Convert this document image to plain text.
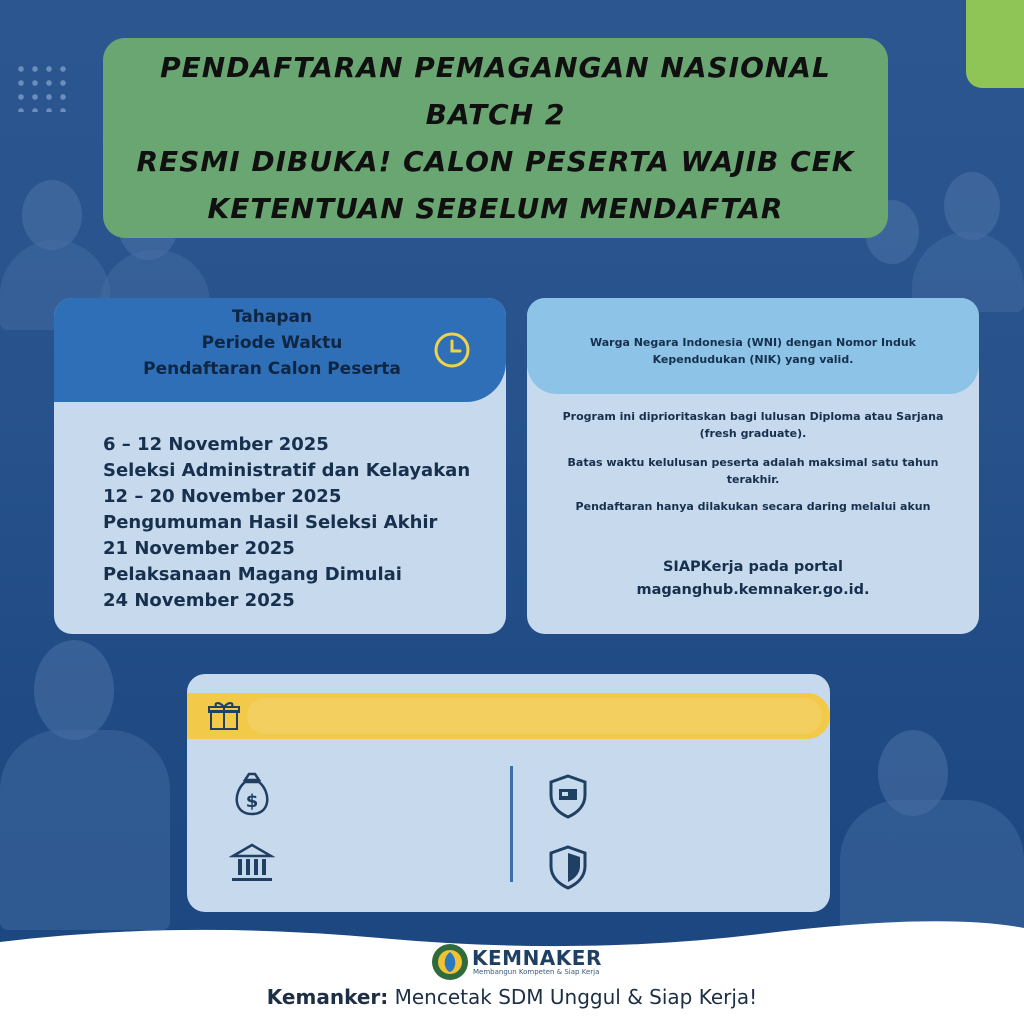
PENDAFTARAN PEMAGANGAN NASIONAL BATCH 2
RESMI DIBUKA! CALON PESERTA WAJIB CEK
KETENTUAN SEBELUM MENDAFTAR
Tahapan
Periode Waktu
Pendaftaran Calon Peserta
6 – 12 November 2025
Seleksi Administratif dan Kelayakan
12 – 20 November 2025
Pengumuman Hasil Seleksi Akhir
21 November 2025
Pelaksanaan Magang Dimulai
24 November 2025
Warga Negara Indonesia (WNI) dengan Nomor Induk
Kependudukan (NIK) yang valid.
Program ini diprioritaskan bagi lulusan Diploma atau Sarjana
(fresh graduate).
Batas waktu kelulusan peserta adalah maksimal satu tahun
terakhir.
Pendaftaran hanya dilakukan secara daring melalui akun
SIAPKerja pada portal
maganghub.kemnaker.go.id.
$
KEMNAKER
Membangun Kompeten & Siap Kerja
Kemanker: Mencetak SDM Unggul & Siap Kerja!
